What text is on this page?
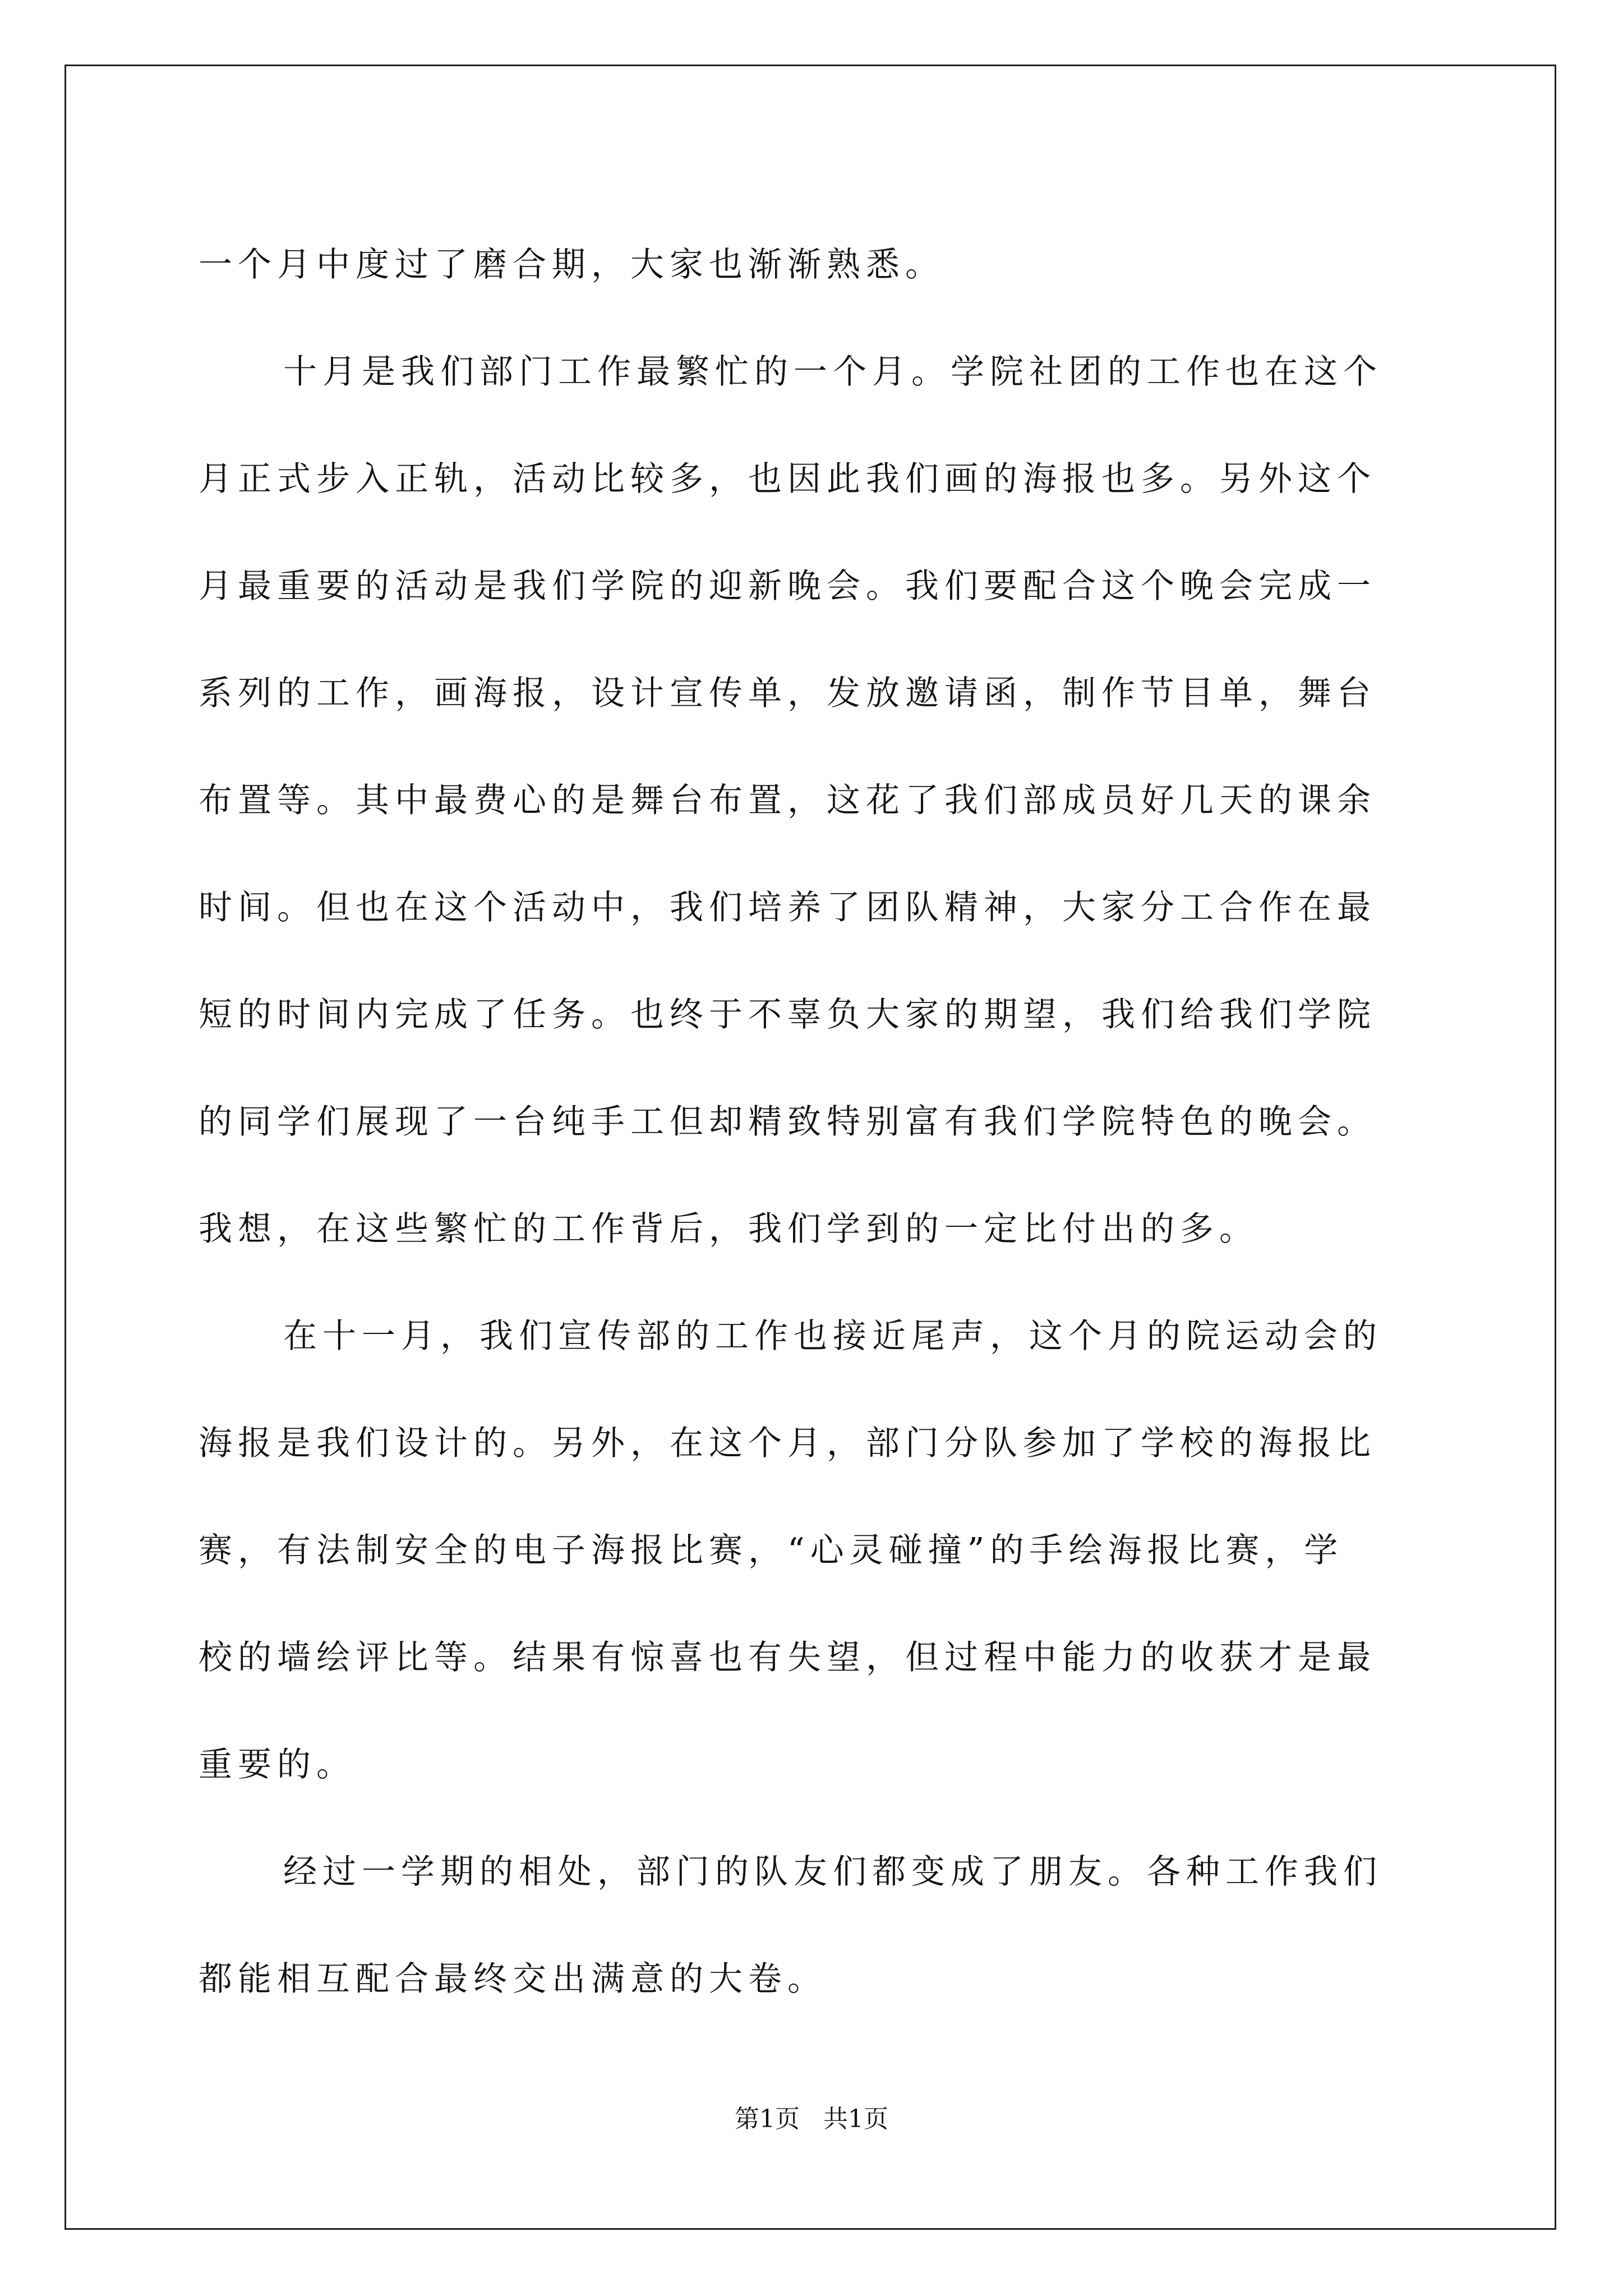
一个月中度过了磨合期，大家也渐渐熟悉。
十月是我们部门工作最繁忙的一个月。学院社团的工作也在这个
月正式步入正轨，活动比较多，也因此我们画的海报也多。另外这个
月最重要的活动是我们学院的迎新晚会。我们要配合这个晚会完成一
系列的工作，画海报，设计宣传单，发放邀请函，制作节目单，舞台
布置等。其中最费心的是舞台布置，这花了我们部成员好几天的课余
时间。但也在这个活动中，我们培养了团队精神，大家分工合作在最
短的时间内完成了任务。也终于不辜负大家的期望，我们给我们学院
的同学们展现了一台纯手工但却精致特别富有我们学院特色的晚会。
我想，在这些繁忙的工作背后，我们学到的一定比付出的多。
在十一月，我们宣传部的工作也接近尾声，这个月的院运动会的
海报是我们设计的。另外，在这个月，部门分队参加了学校的海报比
赛，有法制安全的电子海报比赛，“心灵碰撞”的手绘海报比赛，学
校的墙绘评比等。结果有惊喜也有失望，但过程中能力的收获才是最
重要的。
经过一学期的相处，部门的队友们都变成了朋友。各种工作我们
都能相互配合最终交出满意的大卷。
第1页 共1页
